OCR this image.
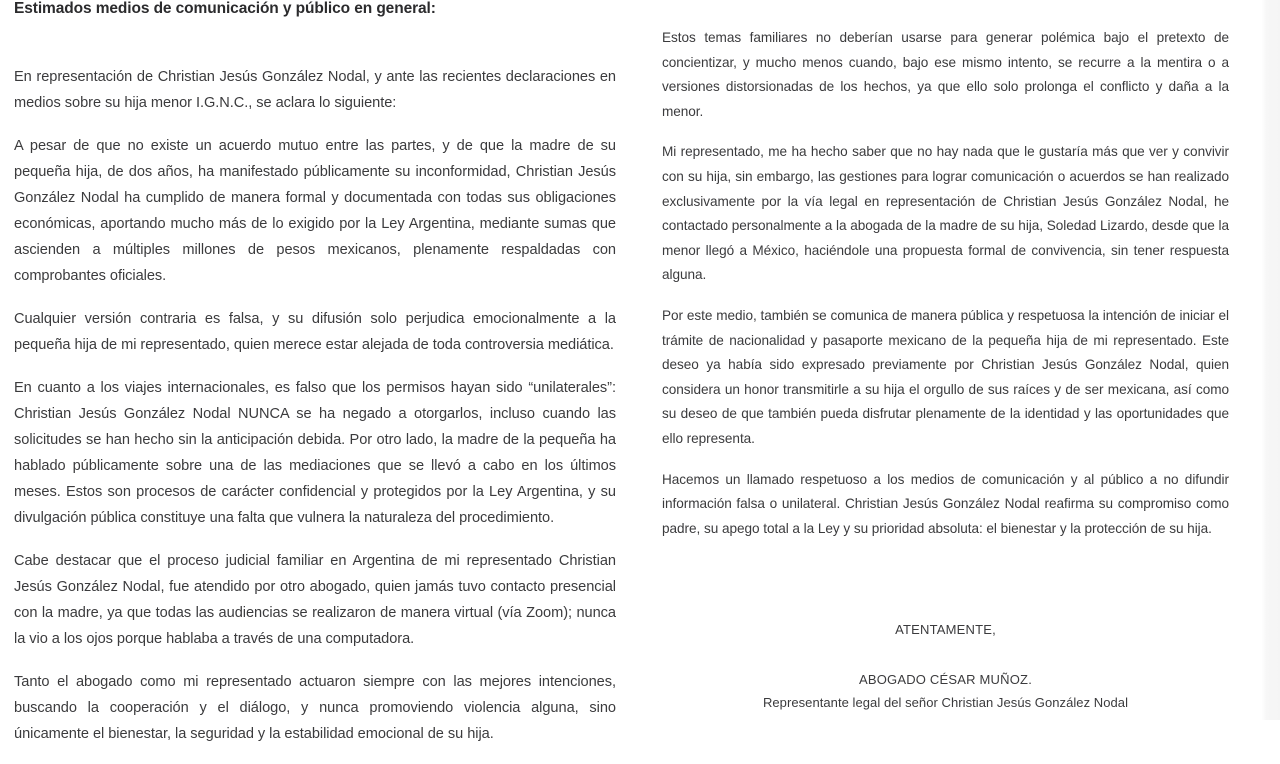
Estimados medios de comunicación y público en general:

En representación de Christian Jesús González Nodal, y ante las recientes declaraciones en medios sobre su hija menor I.G.N.C., se aclara lo siguiente:

A pesar de que no existe un acuerdo mutuo entre las partes, y de que la madre de su pequeña hija, de dos años, ha manifestado públicamente su inconformidad, Christian Jesús González Nodal ha cumplido de manera formal y documentada con todas sus obligaciones económicas, aportando mucho más de lo exigido por la Ley Argentina, mediante sumas que ascienden a múltiples millones de pesos mexicanos, plenamente respaldadas con comprobantes oficiales.

Cualquier versión contraria es falsa, y su difusión solo perjudica emocionalmente a la pequeña hija de mi representado, quien merece estar alejada de toda controversia mediática.

En cuanto a los viajes internacionales, es falso que los permisos hayan sido “unilaterales”: Christian Jesús González Nodal NUNCA se ha negado a otorgarlos, incluso cuando las solicitudes se han hecho sin la anticipación debida. Por otro lado, la madre de la pequeña ha hablado públicamente sobre una de las mediaciones que se llevó a cabo en los últimos meses. Estos son procesos de carácter confidencial y protegidos por la Ley Argentina, y su divulgación pública constituye una falta que vulnera la naturaleza del procedimiento.

Cabe destacar que el proceso judicial familiar en Argentina de mi representado Christian Jesús González Nodal, fue atendido por otro abogado, quien jamás tuvo contacto presencial con la madre, ya que todas las audiencias se realizaron de manera virtual (vía Zoom); nunca la vio a los ojos porque hablaba a través de una computadora.

Tanto el abogado como mi representado actuaron siempre con las mejores intenciones, buscando la cooperación y el diálogo, y nunca promoviendo violencia alguna, sino únicamente el bienestar, la seguridad y la estabilidad emocional de su hija.

Estos temas familiares no deberían usarse para generar polémica bajo el pretexto de concientizar, y mucho menos cuando, bajo ese mismo intento, se recurre a la mentira o a versiones distorsionadas de los hechos, ya que ello solo prolonga el conflicto y daña a la menor.

Mi representado, me ha hecho saber que no hay nada que le gustaría más que ver y convivir con su hija, sin embargo, las gestiones para lograr comunicación o acuerdos se han realizado exclusivamente por la vía legal en representación de Christian Jesús González Nodal, he contactado personalmente a la abogada de la madre de su hija, Soledad Lizardo, desde que la menor llegó a México, haciéndole una propuesta formal de convivencia, sin tener respuesta alguna.

Por este medio, también se comunica de manera pública y respetuosa la intención de iniciar el trámite de nacionalidad y pasaporte mexicano de la pequeña hija de mi representado. Este deseo ya había sido expresado previamente por Christian Jesús González Nodal, quien considera un honor transmitirle a su hija el orgullo de sus raíces y de ser mexicana, así como su deseo de que también pueda disfrutar plenamente de la identidad y las oportunidades que ello representa.

Hacemos un llamado respetuoso a los medios de comunicación y al público a no difundir información falsa o unilateral. Christian Jesús González Nodal reafirma su compromiso como padre, su apego total a la Ley y su prioridad absoluta: el bienestar y la protección de su hija.

ATENTAMENTE,
ABOGADO CÉSAR MUÑOZ.
Representante legal del señor Christian Jesús González Nodal
